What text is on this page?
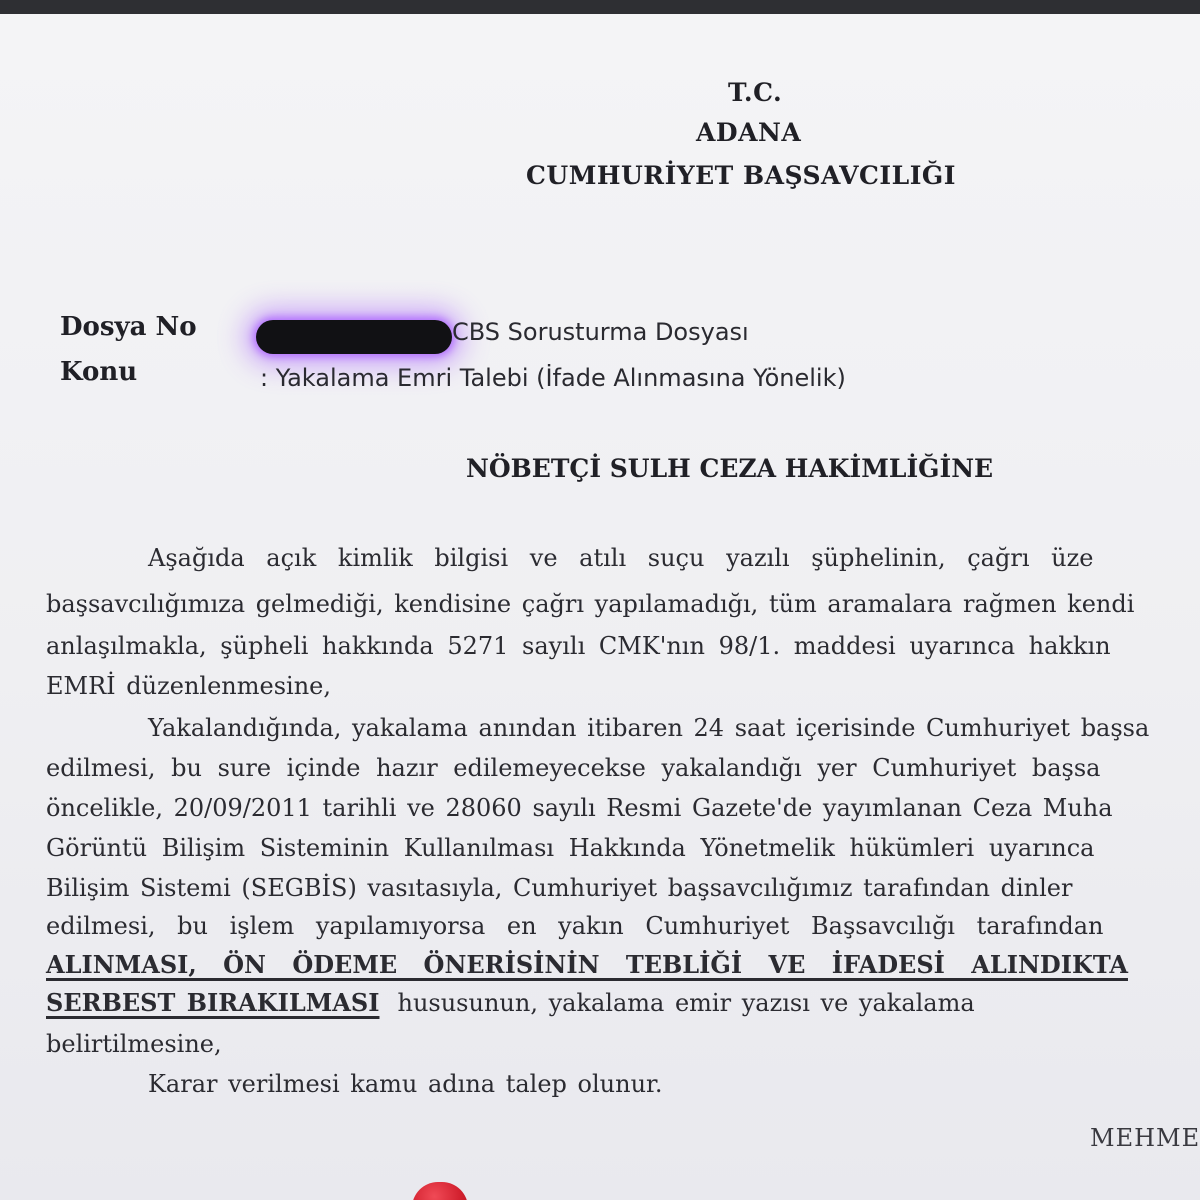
T.C.
ADANA
CUMHURİYET BAŞSAVCILIĞI
Dosya No	CBS Sorusturma Dosyası
Konu	: Yakalama Emri Talebi (İfade Alınmasına Yönelik)
NÖBETÇİ SULH CEZA HAKİMLİĞİNE
Aşağıda açık kimlik bilgisi ve atılı suçu yazılı şüphelinin, çağrı üze
başsavcılığımıza gelmediği, kendisine çağrı yapılamadığı, tüm aramalara rağmen kendi
anlaşılmakla, şüpheli hakkında 5271 sayılı CMK'nın 98/1. maddesi uyarınca hakkın
EMRİ düzenlenmesine,
Yakalandığında, yakalama anından itibaren 24 saat içerisinde Cumhuriyet başsa
edilmesi, bu sure içinde hazır edilemeyecekse yakalandığı yer Cumhuriyet başsa
öncelikle, 20/09/2011 tarihli ve 28060 sayılı Resmi Gazete'de yayımlanan Ceza Muha
Görüntü Bilişim Sisteminin Kullanılması Hakkında Yönetmelik hükümleri uyarınca
Bilişim Sistemi (SEGBİS) vasıtasıyla, Cumhuriyet başsavcılığımız tarafından dinler
edilmesi, bu işlem yapılamıyorsa en yakın Cumhuriyet Başsavcılığı tarafından
ALINMASI, ÖN ÖDEME ÖNERİSİNİN TEBLİĞİ VE İFADESİ ALINDIKTA
SERBEST BIRAKILMASI hususunun, yakalama emir yazısı ve yakalama
belirtilmesine,
Karar verilmesi kamu adına talep olunur.
MEHME
